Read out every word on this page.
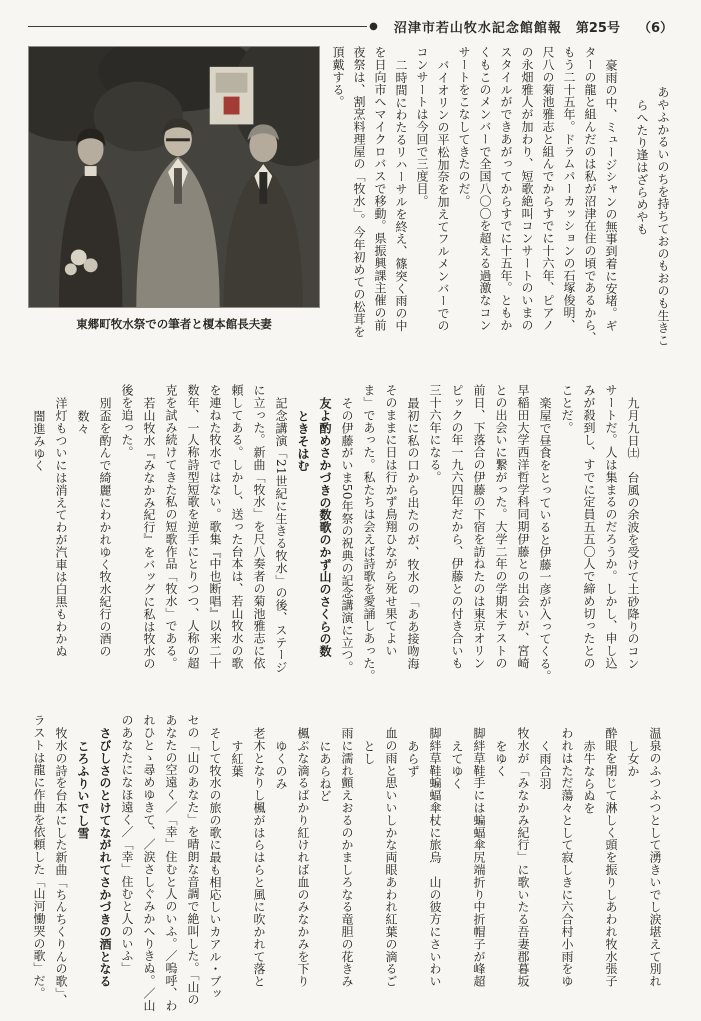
● 沼津市若山牧水記念館館報 第25号 （6）
東郷町牧水祭での筆者と榎本館長夫妻	あやふかるいのちを持ちておのもおのも生きこ
らへたり逢はざらめやも
豪雨の中、ミュージシャンの無事到着に安堵。ギ
ターの龍と組んだのは私が沼津在住の頃であるから、
もう二十五年。ドラムパーカッションの石塚俊明、
尺八の菊池雅志と組んでからすでに十六年、ピアノ
の永畑雅人が加わり、短歌絶叫コンサートのいまの
スタイルができあがってからすでに十五年。ともか
くもこのメンバーで全国八〇〇を超える過激なコン
サートをこなしてきたのだ。
バイオリンの平松加奈を加えてフルメンバーでの
コンサートは今回で三度目。
二時間にわたるリハーサルを終え、篠突く雨の中
を日向市へマイクロバスで移動。県振興課主催の前
夜祭は、割烹料理屋の「牧水」。今年初めての松茸を
頂戴する。
九月九日㈯　台風の余波を受けて土砂降りのコン
サートだ。人は集まるのだろうか。しかし、申し込
みが殺到し、すでに定員五五〇人で締め切ったとの
ことだ。
楽屋で昼食をとっていると伊藤一彦が入ってくる。
早稲田大学西洋哲学科同期伊藤との出会いが、宮崎
との出会いに繋がった。大学二年の学期末テストの
前日、下落合の伊藤の下宿を訪ねたのは東京オリン
ピックの年一九六四年だから、伊藤との付き合いも
三十六年になる。
最初に私の口から出たのが、牧水の「ああ接吻海
そのままに日は行かず鳥翔ひながら死せ果てよい
ま」であった。私たちは会えば詩歌を愛誦しあった。
その伊藤がいま50年祭の祝典の記念講演に立つ。
友よ酌めさかづきの数歌のかず山のさくらの数
ときそはむ
記念講演「21世紀に生きる牧水」の後、ステージ
に立った。新曲「牧水」を尺八奏者の菊池雅志に依
頼してある。しかし、送った台本は、若山牧水の歌
を連ねた牧水ではない。歌集『中也断唱』以来二十
数年、一人称詩型短歌を逆手にとりつつ、人称の超
克を試み続けてきた私の短歌作品「牧水」である。
若山牧水『みなかみ紀行』をバッグに私は牧水の
後を追った。
別盃を酌んで綺麗にわかれゆく牧水紀行の酒の
数々
洋灯もついには消えてわが汽車は白黒もわかぬ
闇進みゆく
温泉のふつふつとして湧きいでし涙堪えて別れ
し女か
酔眼を閉じて淋しく頭を振りしあわれ牧水張子
赤牛ならぬを
われはただ蕩々として寂しきに六合村小雨をゆ
く雨合羽
牧水が「みなかみ紀行」に歌いたる吾妻郡暮坂
をゆく
脚絆草鞋手には蝙蝠傘尻端折り中折帽子が峰超
えてゆく
脚絆草鞋蝙蝠傘杖に旅烏　山の彼方にさいわい
あらず
血の雨と思いいしかな両眼あわれ紅葉の滴るご
とし
雨に濡れ顫えおるのかましろなる竜胆の花きみ
にあらねど
楓ぶな滴るばかり紅ければ血のみなかみを下り
ゆくのみ
老木となりし楓がはらはらと風に吹かれて落と
す紅葉
そして牧水の旅の歌に最も相応しいカアル・ブッ
セの「山のあなた」を晴朗な音調で絶叫した。「山の
あなたの空遠く／「幸」住むと人のいふ。／嗚呼、わ
れひとゝ尋めゆきて、／涙さしぐみかへりきぬ。／山
のあなたになほ遠く／「幸」住むと人のいふ」
さびしさのとけてながれてさかづきの酒となる
ころふりいでし雪
牧水の詩を台本にした新曲「ちんちくりんの歌」、
ラストは龍に作曲を依頼した「山河慟哭の歌」だ。
